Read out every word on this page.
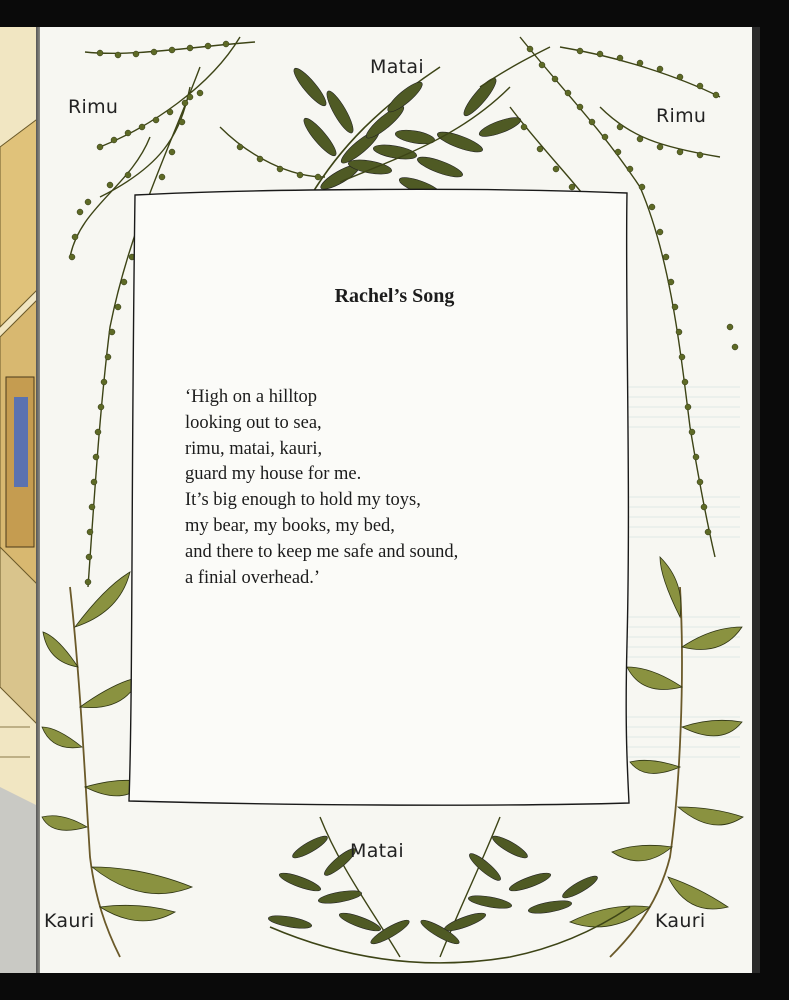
Rimu
Matai
Rimu
Matai
Kauri	Kauri
Rachel’s Song
‘High on a hilltop
looking out to sea,
rimu, matai, kauri,
guard my house for me.
It’s big enough to hold my toys,
my bear, my books, my bed,
and there to keep me safe and sound,
a finial overhead.’
